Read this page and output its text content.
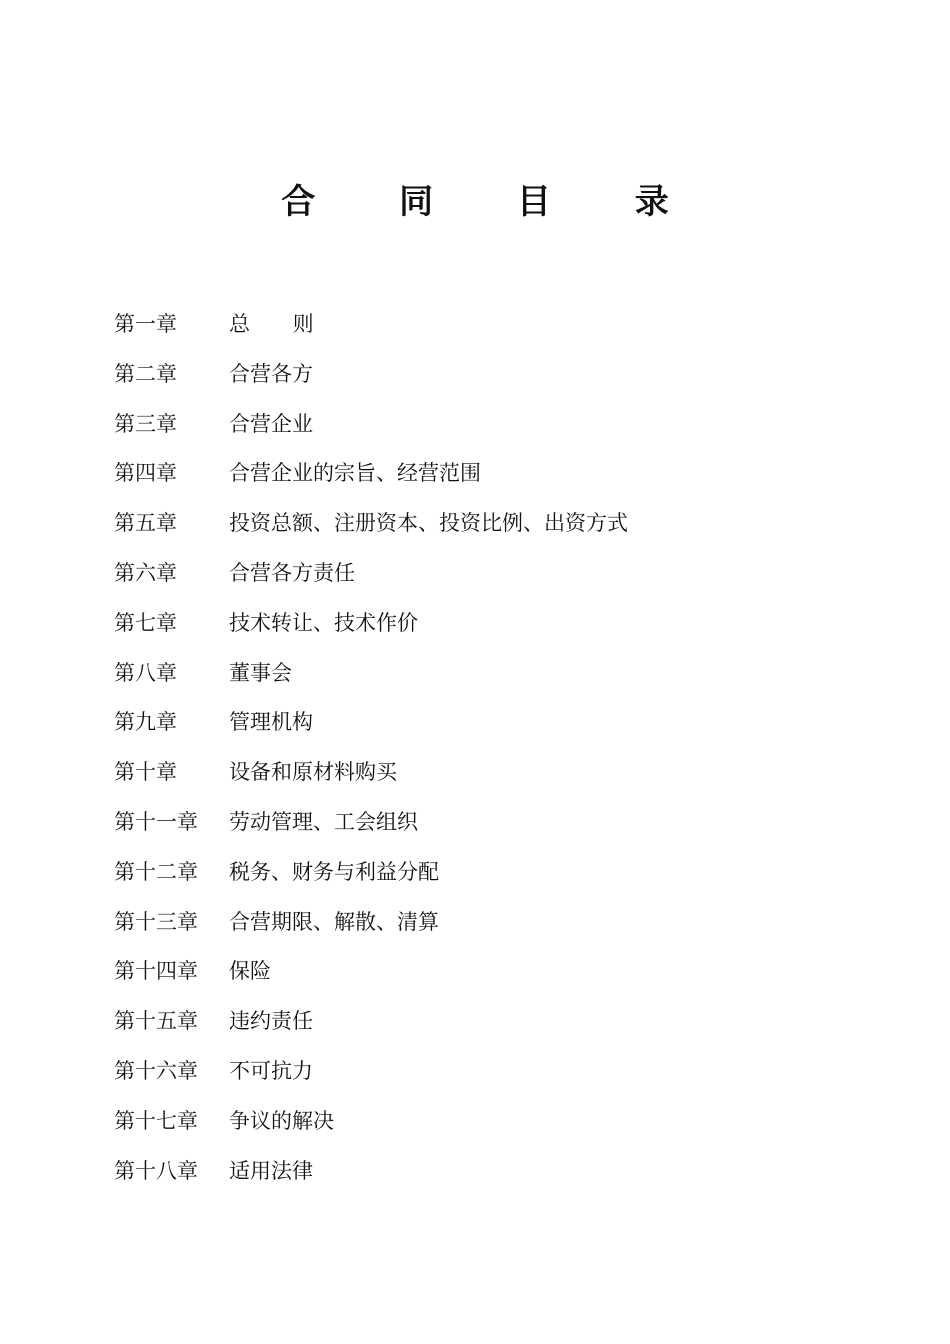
合 同 目 录
第一章	总 则
第二章	合营各方
第三章	合营企业
第四章	合营企业的宗旨、经营范围
第五章	投资总额、注册资本、投资比例、出资方式
第六章	合营各方责任
第七章	技术转让、技术作价
第八章	董事会
第九章	管理机构
第十章	设备和原材料购买
第十一章	劳动管理、工会组织
第十二章	税务、财务与利益分配
第十三章	合营期限、解散、清算
第十四章	保险
第十五章	违约责任
第十六章	不可抗力
第十七章	争议的解决
第十八章	适用法律
